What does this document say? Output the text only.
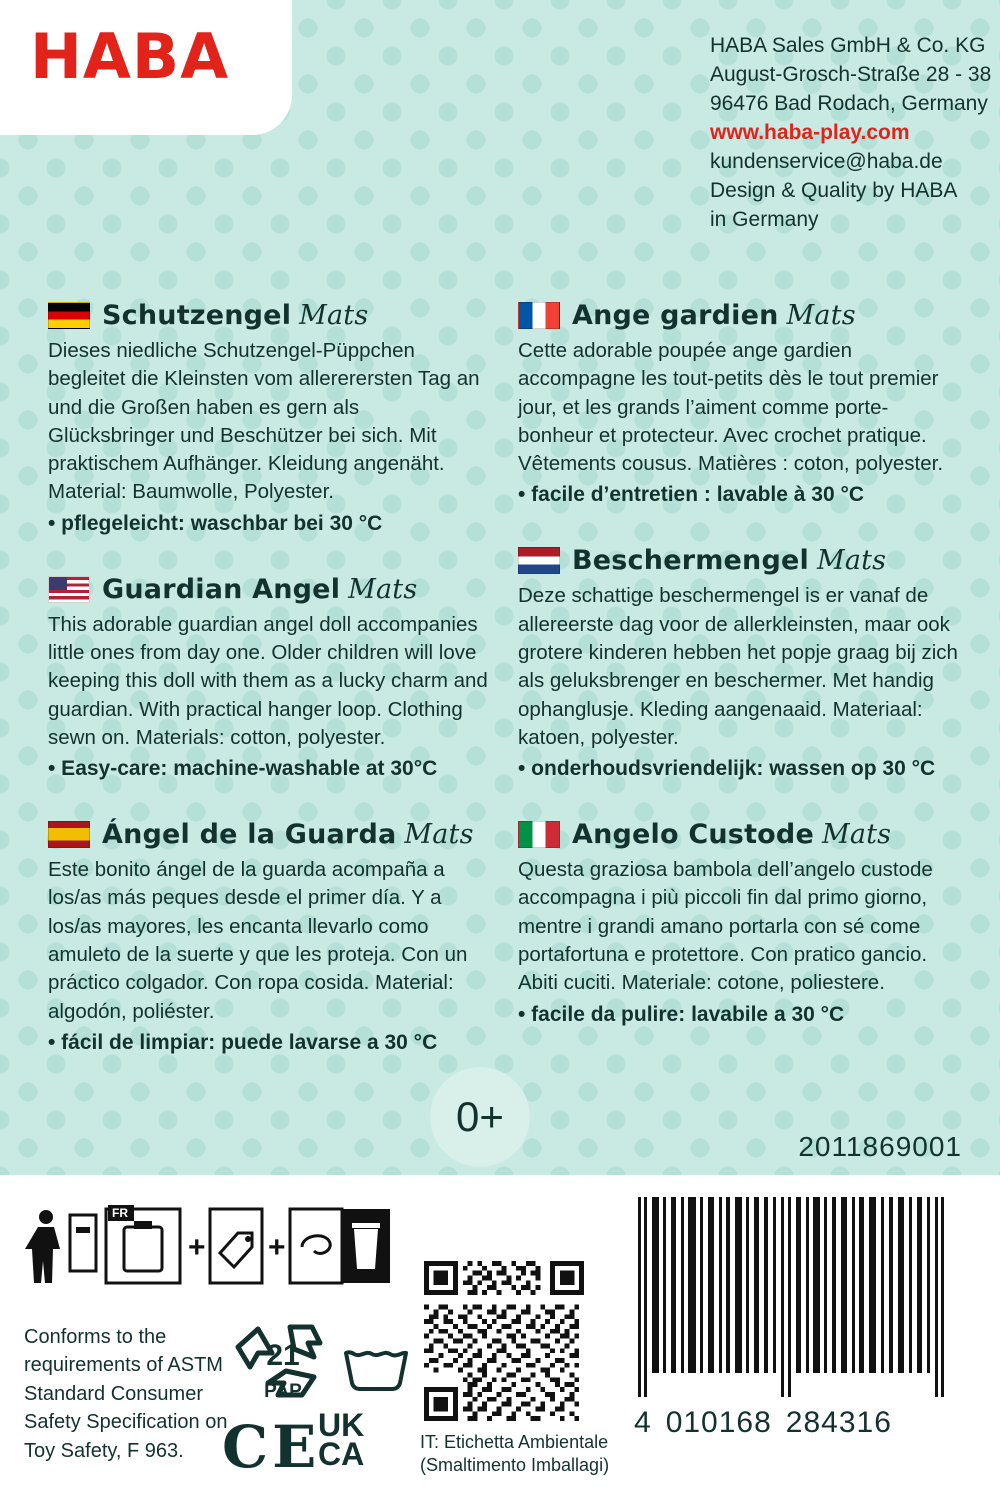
HABA	HABA Sales GmbH & Co. KG
August-Grosch-Straße 28 - 38
96476 Bad Rodach, Germany
www.haba-play.com
kundenservice@haba.de
Design & Quality by HABA
in Germany
Schutzengel Mats
Dieses niedliche Schutzengel-Püppchen begleitet die Kleinsten vom allererersten Tag an und die Großen haben es gern als Glücksbringer und Beschützer bei sich. Mit praktischem Aufhänger. Kleidung angenäht. Material: Baumwolle, Polyester.
• pflegeleicht: waschbar bei 30 °C
Guardian Angel Mats
This adorable guardian angel doll accompanies little ones from day one. Older children will love keeping this doll with them as a lucky charm and guardian. With practical hanger loop. Clothing sewn on. Materials: cotton, polyester.
• Easy-care: machine-washable at 30°C
Ángel de la Guarda Mats
Este bonito ángel de la guarda acompaña a los/as más peques desde el primer día. Y a los/as mayores, les encanta llevarlo como amuleto de la suerte y que les proteja. Con un práctico colgador. Con ropa cosida. Material: algodón, poliéster.
• fácil de limpiar: puede lavarse a 30 °C
Ange gardien Mats
Cette adorable poupée ange gardien accompagne les tout-petits dès le tout premier jour, et les grands l’aiment comme porte-bonheur et protecteur. Avec crochet pratique. Vêtements cousus. Matières : coton, polyester.
• facile d’entretien : lavable à 30 °C
Beschermengel Mats
Deze schattige beschermengel is er vanaf de allereerste dag voor de allerkleinsten, maar ook grotere kinderen hebben het popje graag bij zich als geluksbrenger en beschermer. Met handig ophanglusje. Kleding aangenaaid. Materiaal: katoen, polyester.
• onderhoudsvriendelijk: wassen op 30 °C
Angelo Custode Mats
Questa graziosa bambola dell’angelo custode accompagna i più piccoli fin dal primo giorno, mentre i grandi amano portarla con sé come portafortuna e protettore. Con pratico gancio. Abiti cuciti. Materiale: cotone, poliestere.
• facile da pulire: lavabile a 30 °C
2011869001
0+
+ +
FR
Conforms to the requirements of ASTM Standard Consumer Safety Specification on Toy Safety, F 963.
21
PAP
CE
UK
CA	IT: Etichetta Ambientale (Smaltimento Imballagi)
4 010168 284316
